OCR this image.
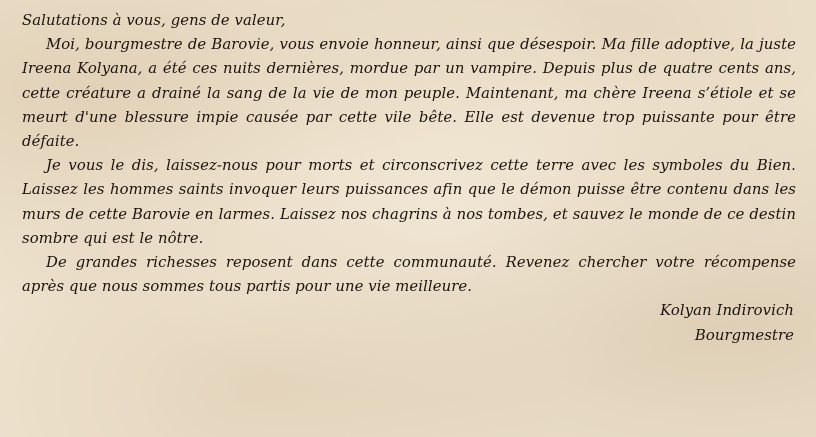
Salutations à vous, gens de valeur,

Moi, bourgmestre de Barovie, vous envoie honneur, ainsi que désespoir. Ma fille adoptive, la juste Ireena Kolyana, a été ces nuits dernières, mordue par un vampire. Depuis plus de quatre cents ans, cette créature a drainé la sang de la vie de mon peuple. Maintenant, ma chère Ireena s’étiole et se meurt d'une blessure impie causée par cette vile bête. Elle est devenue trop puissante pour être défaite.

Je vous le dis, laissez-nous pour morts et circonscrivez cette terre avec les symboles du Bien. Laissez les hommes saints invoquer leurs puissances afin que le démon puisse être contenu dans les murs de cette Barovie en larmes. Laissez nos chagrins à nos tombes, et sauvez le monde de ce destin sombre qui est le nôtre.

De grandes richesses reposent dans cette communauté. Revenez chercher votre récompense après que nous sommes tous partis pour une vie meilleure.

Kolyan Indirovich
Bourgmestre
